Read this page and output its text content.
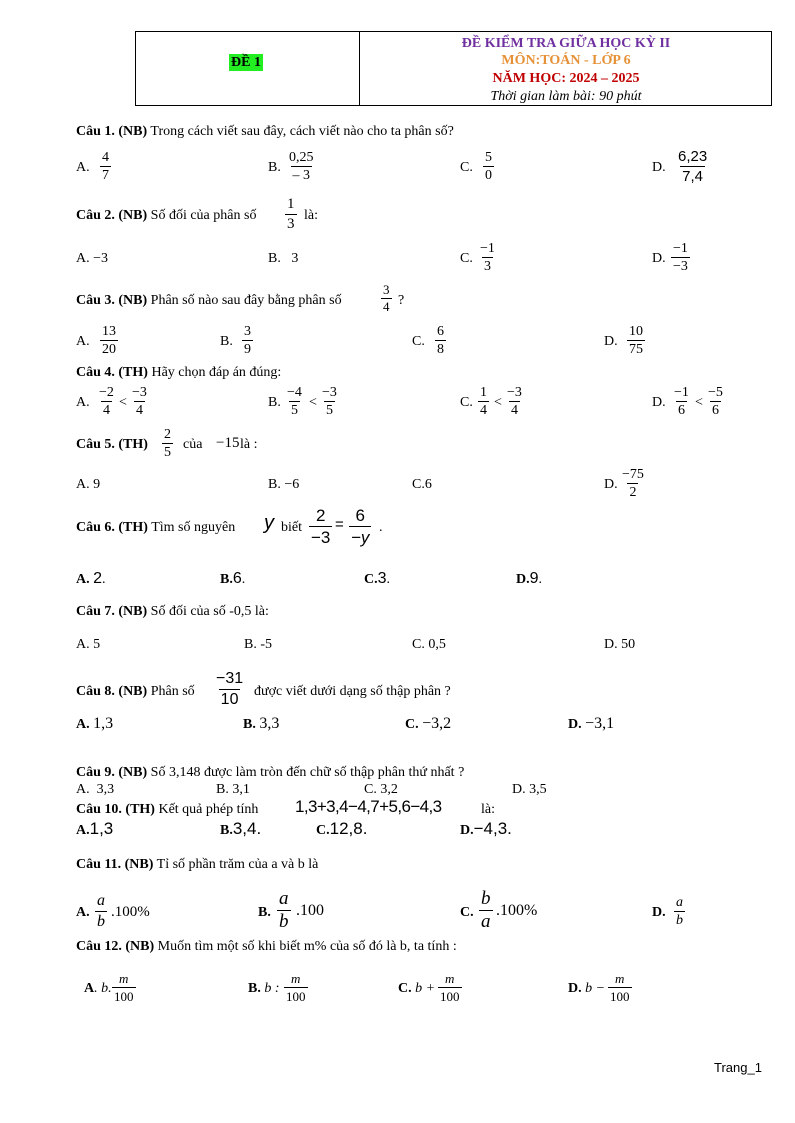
ĐỀ 1
ĐỀ KIỂM TRA GIỮA HỌC KỲ II
MÔN:TOÁN - LỚP 6
NĂM HỌC: 2024 – 2025
Thời gian làm bài: 90 phút
Câu 1. (NB) Trong cách viết sau đây, cách viết nào cho ta phân số?
A. $\frac{4}{7}$	B. $\frac{0,25}{- 3}$	C. $\frac{5}{0}$	D. $\frac{6,23}{7,4}$
Câu 2. (NB) Số đối của phân số $\frac{1}{3}$ là:
A. −3	B.   3	C. $\frac{-1}{3}$	D. $\frac{-1}{-3}$
Câu 3. (NB) Phân số nào sau đây bằng phân số	$\frac{3}{4}$ ?
A. $\frac{13}{20}$	B. $\frac{3}{9}$	C. $\frac{6}{8}$	D. $\frac{10}{75}$
Câu 4. (TH) Hãy chọn đáp án đúng:
A. $\frac{-2}{4} < \frac{-3}{4}$	B. $\frac{-4}{5} < \frac{-3}{5}$	C. $\frac{1}{4} < \frac{-3}{4}$	D. $\frac{-1}{6} < \frac{-5}{6}$
Câu 5. $(TH) \frac{2}{5}$ của −15 là :
A. 9	B. −6	C.6	D. $\frac{-75}{2}$
Câu 6. (TH) Tìm số nguyên y biết $\frac{2}{-3} = \frac{6}{-y}$ .
A. 2.	B.6.	C.3.	D.9.
Câu 7. (NB) Số đối của số -0,5 là:
A. 5	B. -5	C. 0,5	D. 50
Câu 8. (NB) Phân số $\frac{-31}{10}$ được viết dưới dạng số thập phân ?
A. 1,3	B. 3,3	C. −3,2	D. −3,1
Câu 9. (NB) Số 3,148 được làm tròn đến chữ số thập phân thứ nhất ?
A.  3,3	B. 3,1	C. 3,2	D. 3,5
Câu 10. (TH) Kết quả phép tính 1,3+3,4−4,7+5,6−4,3	là:
A.1,3	B.3,4.	C.12,8.	D.−4,3.
Câu 11. (NB) Tỉ số phần trăm của a và b là
A. $\frac{a}{b} .100\%$	B. $\frac{a}{b} .100$	C. $\frac{b}{a} .100\%$	D. $\frac{a}{b}$
Câu 12. (NB) Muốn tìm một số khi biết m% của số đó là b, ta tính :
A. b. $\frac{m}{100}$	B. b : $\frac{m}{100}$	C. $b + \frac{m}{100}$	D. $b - \frac{m}{100}$
Trang_1
